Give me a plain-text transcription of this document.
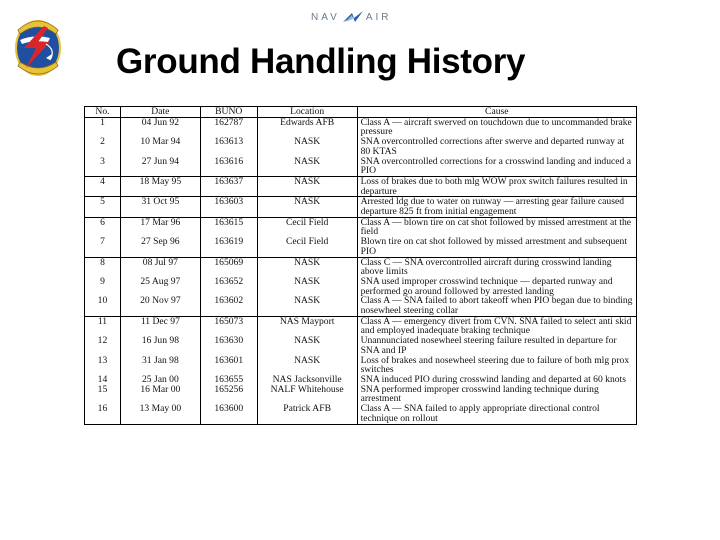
NAV	AIR
Ground Handling History
No.	Date	BUNO	Location	Cause
1	04 Jun 92	162787	Edwards AFB	Class A — aircraft swerved on touchdown due to uncommanded brake pressure
2	10 Mar 94	163613	NASK	SNA overcontrolled corrections after swerve and departed runway at 80 KTAS
3	27 Jun 94	163616	NASK	SNA overcontrolled corrections for a crosswind landing and induced a PIO
4	18 May 95	163637	NASK	Loss of brakes due to both mlg WOW prox switch failures resulted in departure
5	31 Oct 95	163603	NASK	Arrested ldg due to water on runway — arresting gear failure caused departure 825 ft from initial engagement
6	17 Mar 96	163615	Cecil Field	Class A — blown tire on cat shot followed by missed arrestment at the field
7	27 Sep 96	163619	Cecil Field	Blown tire on cat shot followed by missed arrestment and subsequent PIO
8	08 Jul 97	165069	NASK	Class C — SNA overcontrolled aircraft during crosswind landing above limits
9	25 Aug 97	163652	NASK	SNA used improper crosswind technique — departed runway and performed go around followed by arrested landing
10	20 Nov 97	163602	NASK	Class A — SNA failed to abort takeoff when PIO began due to binding nosewheel steering collar
11	11 Dec 97	165073	NAS Mayport	Class A — emergency divert from CVN. SNA failed to select anti skid and employed inadequate braking technique
12	16 Jun 98	163630	NASK	Unannunciated nosewheel steering failure resulted in departure for SNA and IP
13	31 Jan 98	163601	NASK	Loss of brakes and nosewheel steering due to failure of both mlg prox switches
14	25 Jan 00	163655	NAS Jacksonville	SNA induced PIO during crosswind landing and departed at 60 knots
15	16 Mar 00	165256	NALF Whitehouse	SNA performed improper crosswind landing technique during arrestment
16	13 May 00	163600	Patrick AFB	Class A — SNA failed to apply appropriate directional control technique on rollout
